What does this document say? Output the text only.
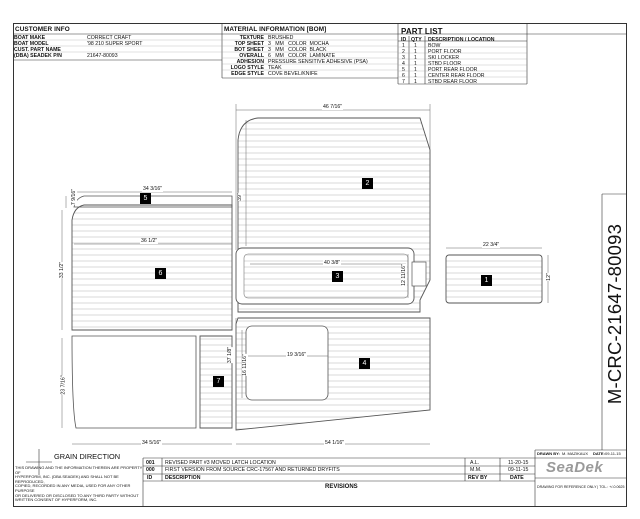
CUSTOMER INFO
BOAT MAKE	CORRECT CRAFT
BOAT MODEL	'98 210 SUPER SPORT
CUST. PART NAME
(DBA) SEADEK P/N	21647-80093
MATERIAL INFORMATION [BOM]
TEXTURE BRUSHED
TOP SHEET 3   MM   COLOR  MOCHA
BOT SHEET 3   MM   COLOR  BLACK
OVERALL 6   MM   COLOR  LAMINATE
ADHESION PRESSURE SENSITIVE ADHESIVE (PSA)
LOGO STYLE TEAK
EDGE STYLE COVE BEVEL/KNIFE
PART LIST
ID QTY DESCRIPTION / LOCATION
1 1 BOW
2 1 PORT FLOOR
3 1 SKI LOCKER
4 1 STBD FLOOR
5 1 PORT REAR FLOOR
6 1 CENTER REAR FLOOR
7 1 STBD REAR FLOOR
46 7/16"
39"
34 3/16"
7 9/16"
36 1/2"
33 1/2"	40 3/8"
12 11/16"
22 3/4"
12"
37 1/8"	19 3/16"
16 11/16"
23 7/16"
34 5/16"	54 1/16"
1
2
3
4
5
6
7
GRAIN DIRECTION
THIS DRAWING AND THE INFORMATION THEREIN ARE PROPERTY OF
HYPERFORM, INC. (DBA SEADEK) AND SHALL NOT BE REPRODUCED,
COPIED, RECORDED IN ANY MEDIA, USED FOR ANY OTHER PURPOSE
OR DELIVERED OR DISCLOSED TO ANY THIRD PARTY WITHOUT
WRITTEN CONSENT OF HYPERFORM, INC.
001 REVISED PART #3 MOVED LATCH LOCATION	A.L.	11-20-15
000 FIRST VERSION FROM SOURCE CRC-17567 AND RETURNED DRYFITS	M.M.	09-11-15
ID DESCRIPTION	REV BY	DATE
REVISIONS
DRAWN BY: M. MAZIKAUX DATE: 09-11-15
SeaDek
DRAWING FOR REFERENCE ONLY | TOL.: +/-0.0625
M-CRC-21647-80093
